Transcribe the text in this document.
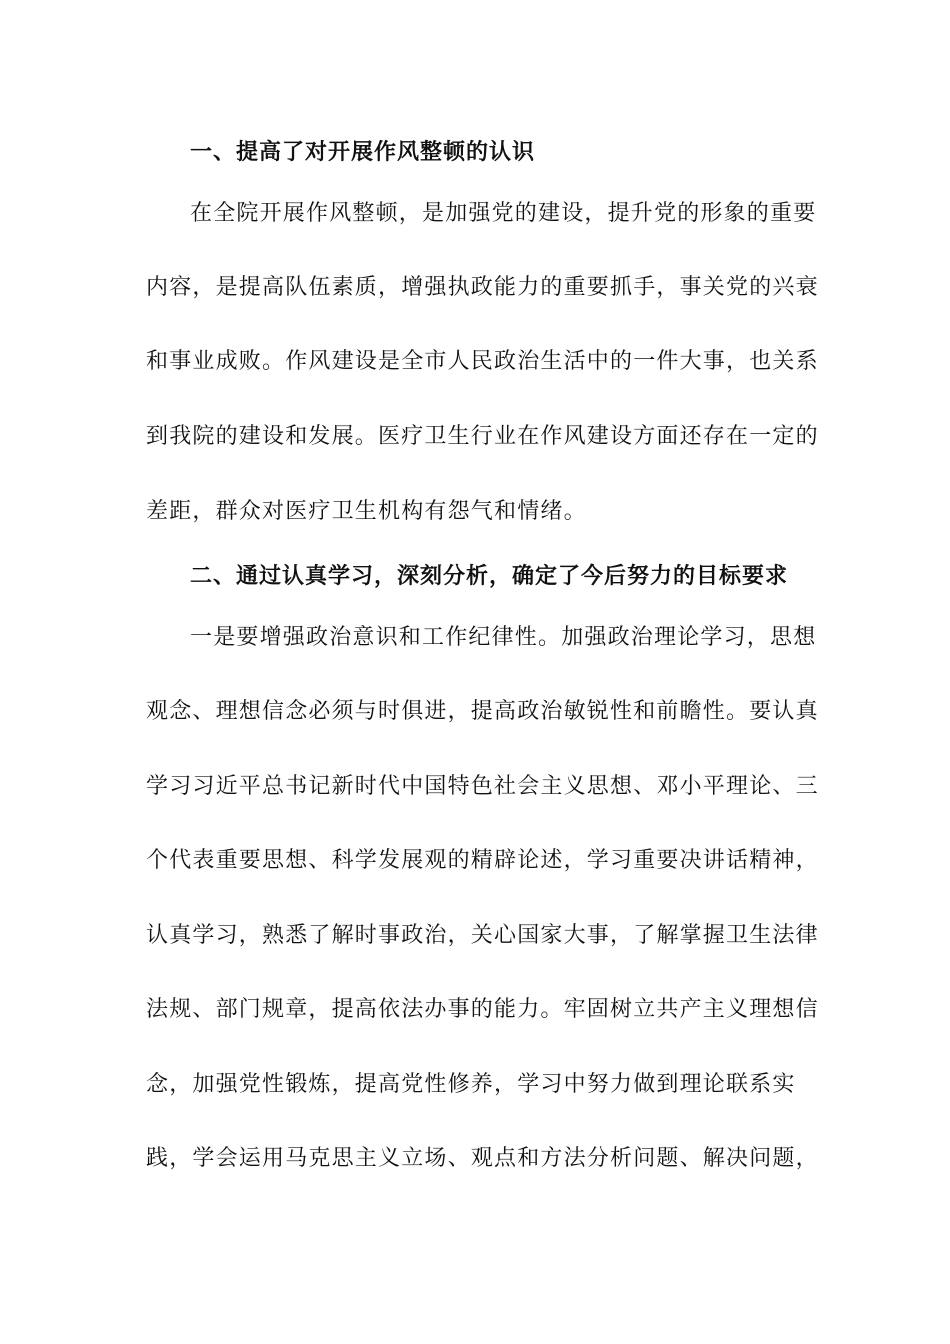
一、提高了对开展作风整顿的认识
在全院开展作风整顿，是加强党的建设，提升党的形象的重要
内容，是提高队伍素质，增强执政能力的重要抓手，事关党的兴衰
和事业成败。作风建设是全市人民政治生活中的一件大事，也关系
到我院的建设和发展。医疗卫生行业在作风建设方面还存在一定的
差距，群众对医疗卫生机构有怨气和情绪。
二、通过认真学习，深刻分析，确定了今后努力的目标要求
一是要增强政治意识和工作纪律性。加强政治理论学习，思想
观念、理想信念必须与时俱进，提高政治敏锐性和前瞻性。要认真
学习习近平总书记新时代中国特色社会主义思想、邓小平理论、三
个代表重要思想、科学发展观的精辟论述，学习重要决讲话精神，
认真学习，熟悉了解时事政治，关心国家大事，了解掌握卫生法律
法规、部门规章，提高依法办事的能力。牢固树立共产主义理想信
念，加强党性锻炼，提高党性修养，学习中努力做到理论联系实
践，学会运用马克思主义立场、观点和方法分析问题、解决问题，
